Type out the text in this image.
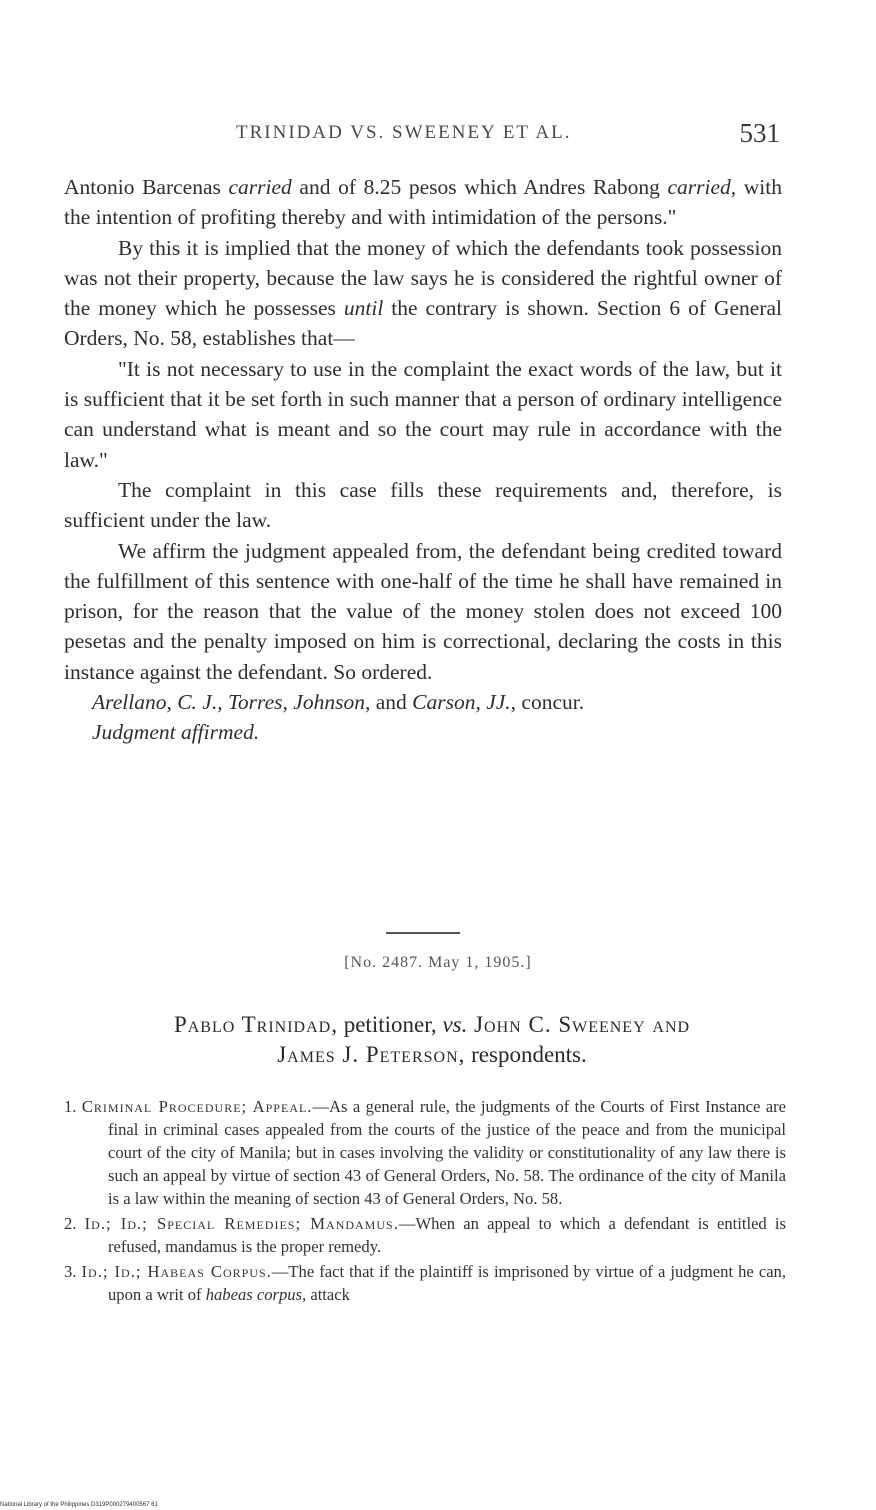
TRINIDAD VS. SWEENEY ET AL.	531

Antonio Barcenas carried and of 8.25 pesos which Andres Rabong carried, with the intention of profiting thereby and with intimidation of the persons."

By this it is implied that the money of which the defendants took possession was not their property, because the law says he is considered the rightful owner of the money which he possesses until the contrary is shown. Section 6 of General Orders, No. 58, establishes that—

"It is not necessary to use in the complaint the exact words of the law, but it is sufficient that it be set forth in such manner that a person of ordinary intelligence can understand what is meant and so the court may rule in accordance with the law."

The complaint in this case fills these requirements and, therefore, is sufficient under the law.

We affirm the judgment appealed from, the defendant being credited toward the fulfillment of this sentence with one-half of the time he shall have remained in prison, for the reason that the value of the money stolen does not exceed 100 pesetas and the penalty imposed on him is correctional, declaring the costs in this instance against the defendant. So ordered.

Arellano, C. J., Torres, Johnson, and Carson, JJ., concur.

Judgment affirmed.

[No. 2487. May 1, 1905.]
Pablo Trinidad, petitioner, vs. John C. Sweeney and
James J. Peterson, respondents.

1. Criminal Procedure; Appeal.—As a general rule, the judgments of the Courts of First Instance are final in criminal cases appealed from the courts of the justice of the peace and from the municipal court of the city of Manila; but in cases involving the validity or constitutionality of any law there is such an appeal by virtue of section 43 of General Orders, No. 58. The ordinance of the city of Manila is a law within the meaning of section 43 of General Orders, No. 58.

2. Id.; Id.; Special Remedies; Mandamus.—When an appeal to which a defendant is entitled is refused, mandamus is the proper remedy.

3. Id.; Id.; Habeas Corpus.—The fact that if the plaintiff is imprisoned by virtue of a judgment he can, upon a writ of habeas corpus, attack

National Library of the Philippines D319P000279400567 81
